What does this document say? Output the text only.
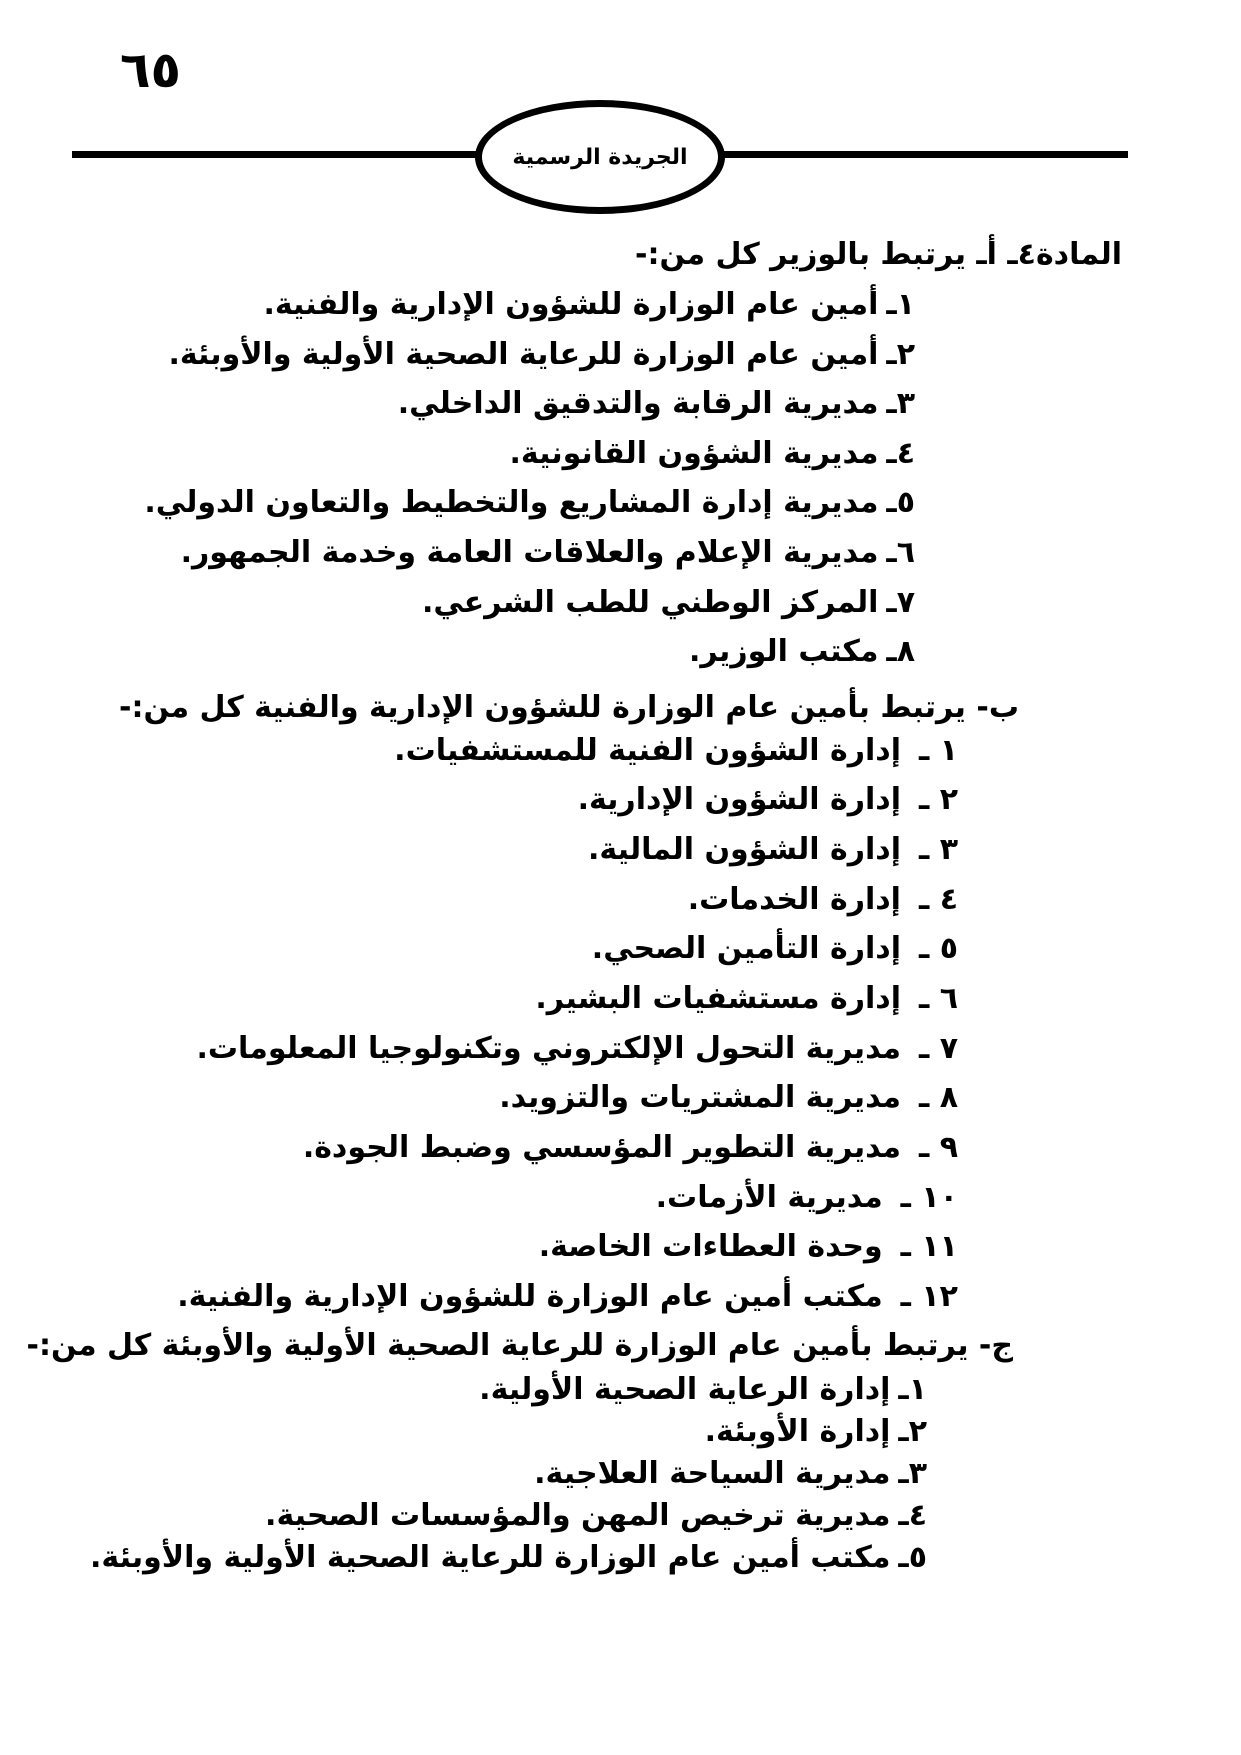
٦٥
الجريدة الرسمية
المادة٤ـ أـ يرتبط بالوزير كل من:-
١ـأمين عام الوزارة للشؤون الإدارية والفنية.
٢ـأمين عام الوزارة للرعاية الصحية الأولية والأوبئة.
٣ـمديرية الرقابة والتدقيق الداخلي.
٤ـمديرية الشؤون القانونية.
٥ـمديرية إدارة المشاريع والتخطيط والتعاون الدولي.
٦ـمديرية الإعلام والعلاقات العامة وخدمة الجمهور.
٧ـالمركز الوطني للطب الشرعي.
٨ـمكتب الوزير.
ب- يرتبط بأمين عام الوزارة للشؤون الإدارية والفنية كل من:-
١ ـإدارة الشؤون الفنية للمستشفيات.
٢ ـإدارة الشؤون الإدارية.
٣ ـإدارة الشؤون المالية.
٤ ـإدارة الخدمات.
٥ ـإدارة التأمين الصحي.
٦ ـإدارة مستشفيات البشير.
٧ ـمديرية التحول الإلكتروني وتكنولوجيا المعلومات.
٨ ـمديرية المشتريات والتزويد.
٩ ـمديرية التطوير المؤسسي وضبط الجودة.
١٠ ـمديرية الأزمات.
١١ ـوحدة العطاءات الخاصة.
١٢ ـمكتب أمين عام الوزارة للشؤون الإدارية والفنية.
ج- يرتبط بأمين عام الوزارة للرعاية الصحية الأولية والأوبئة كل من:-
١ـإدارة الرعاية الصحية الأولية.
٢ـإدارة الأوبئة.
٣ـمديرية السياحة العلاجية.
٤ـمديرية ترخيص المهن والمؤسسات الصحية.
٥ـمكتب أمين عام الوزارة للرعاية الصحية الأولية والأوبئة.
